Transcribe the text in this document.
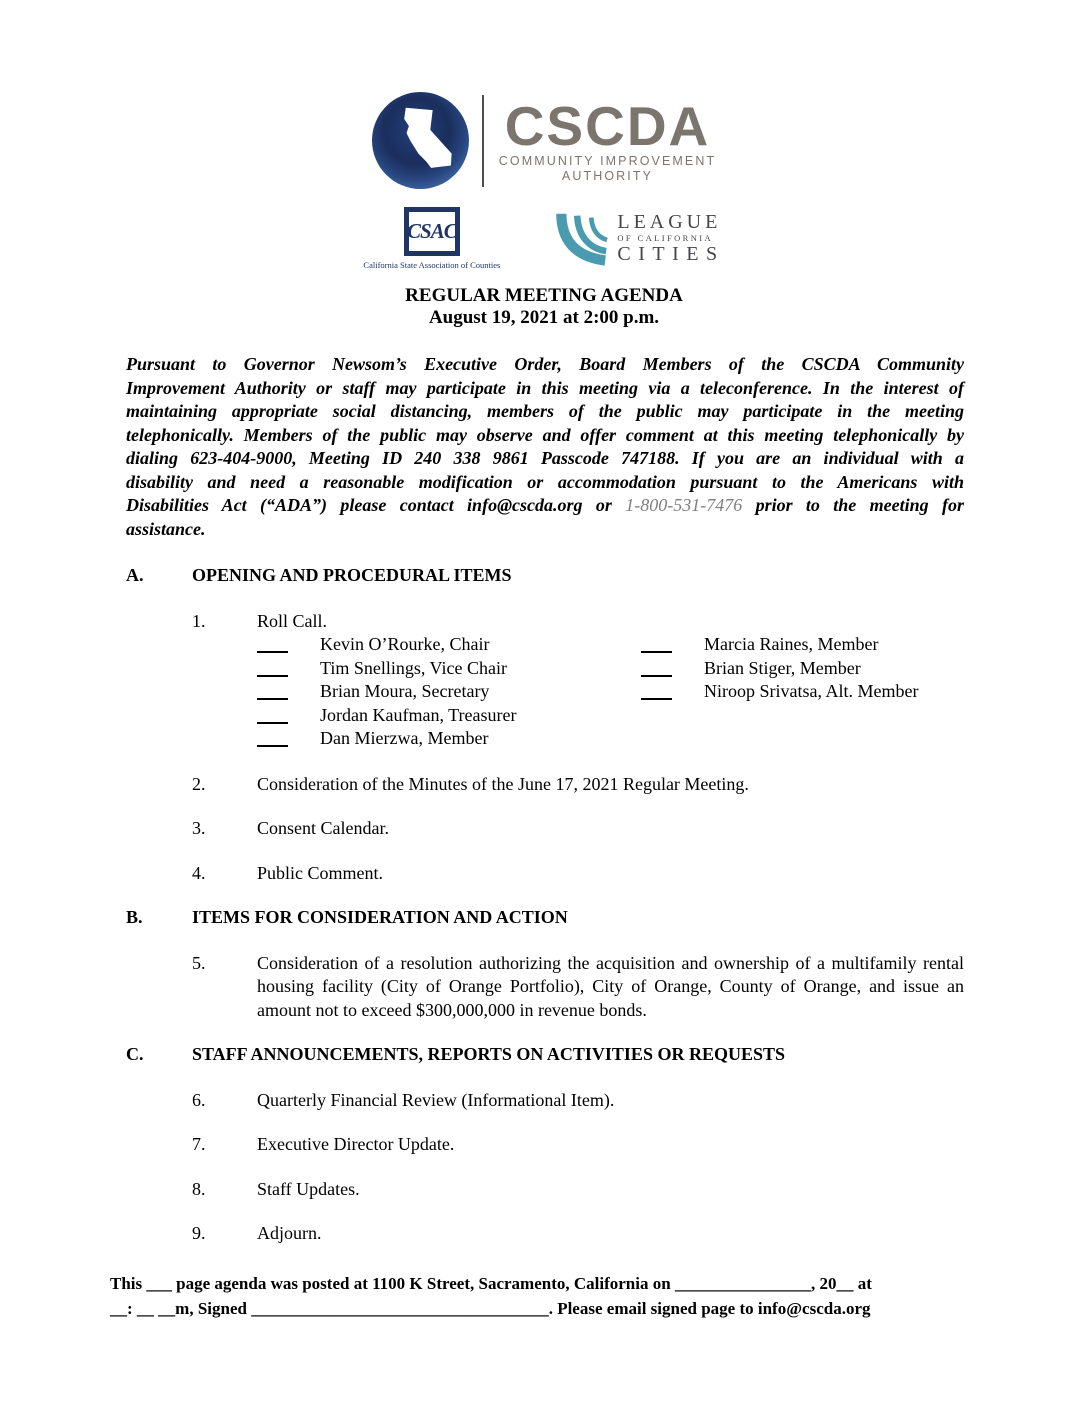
CSCDA
COMMUNITY IMPROVEMENT
AUTHORITY
CSAC
California State Association of Counties
LEAGUE
OF CALIFORNIA
CITIES
REGULAR MEETING AGENDA
August 19, 2021 at 2:00 p.m.

Pursuant to Governor Newsom’s Executive Order, Board Members of the CSCDA Community Improvement Authority or staff may participate in this meeting via a teleconference. In the interest of maintaining appropriate social distancing, members of the public may participate in the meeting telephonically. Members of the public may observe and offer comment at this meeting telephonically by dialing 623-404-9000, Meeting ID 240 338 9861 Passcode 747188. If you are an individual with a disability and need a reasonable modification or accommodation pursuant to the Americans with Disabilities Act (“ADA”) please contact info@cscda.org or 1-800-531-7476 prior to the meeting for assistance.

A.	OPENING AND PROCEDURAL ITEMS
1.	Roll Call.
Kevin O’Rourke, Chair
Tim Snellings, Vice Chair
Brian Moura, Secretary
Jordan Kaufman, Treasurer
Dan Mierzwa, Member
Marcia Raines, Member
Brian Stiger, Member
Niroop Srivatsa, Alt. Member
2.	Consideration of the Minutes of the June 17, 2021 Regular Meeting.
3.	Consent Calendar.
4.	Public Comment.
B.	ITEMS FOR CONSIDERATION AND ACTION
5.	Consideration of a resolution authorizing the acquisition and ownership of a multifamily rental housing facility (City of Orange Portfolio), City of Orange, County of Orange, and issue an amount not to exceed $300,000,000 in revenue bonds.
C.	STAFF ANNOUNCEMENTS, REPORTS ON ACTIVITIES OR REQUESTS
6.	Quarterly Financial Review (Informational Item).
7.	Executive Director Update.
8.	Staff Updates.
9.	Adjourn.
This ___ page agenda was posted at 1100 K Street, Sacramento, California on ________________, 20__ at
__: __ __m, Signed ___________________________________. Please email signed page to info@cscda.org
